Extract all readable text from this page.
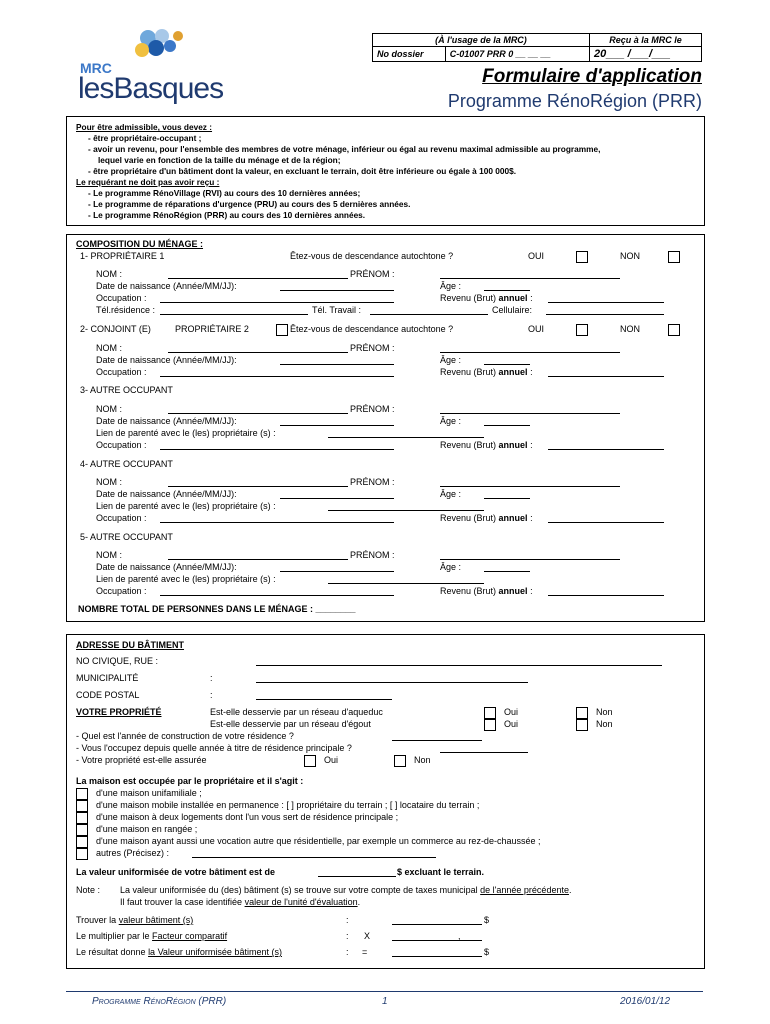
MRC
lesBasques
(À l'usage de la MRC)		Reçu à la MRC le
No dossier	C-01007 PRR 0 __ __ __	20___ /___/___
Formulaire d'application
Programme RénoRégion (PRR)
Pour être admissible, vous devez :
- être propriétaire-occupant ;
- avoir un revenu, pour l'ensemble des membres de votre ménage, inférieur ou égal au revenu maximal admissible au programme,
lequel varie en fonction de la taille du ménage et de la région;
- être propriétaire d'un bâtiment dont la valeur, en excluant le terrain, doit être inférieure ou égale à 100 000$.
Le requérant ne doit pas avoir reçu :
- Le programme RénoVillage (RVI) au cours des 10 dernières années;
- Le programme de réparations d'urgence (PRU) au cours des 5 dernières années.
- Le programme RénoRégion (PRR) au cours des 10 dernières années.
COMPOSITION DU MÉNAGE :
1- PROPRIÉTAIRE 1	Êtez-vous de descendance autochtone ?	OUI	NON
NOM :	PRÉNOM :
Date de naissance (Année/MM/JJ):	Âge :
Occupation :	Revenu (Brut) annuel :
Tél.résidence :	Tél. Travail :	Cellulaire:
2- CONJOINT (E)	PROPRIÉTAIRE 2	Êtez-vous de descendance autochtone ?	OUI	NON
NOM :	PRÉNOM :
Date de naissance (Année/MM/JJ):	Âge :
Occupation :	Revenu (Brut) annuel :
3- AUTRE OCCUPANT
NOM :	PRÉNOM :
Date de naissance (Année/MM/JJ):	Âge :
Lien de parenté avec le (les) propriétaire (s) :
Occupation :	Revenu (Brut) annuel :
4- AUTRE OCCUPANT
NOM :	PRÉNOM :
Date de naissance (Année/MM/JJ):	Âge :
Lien de parenté avec le (les) propriétaire (s) :
Occupation :	Revenu (Brut) annuel :
5- AUTRE OCCUPANT
NOM :	PRÉNOM :
Date de naissance (Année/MM/JJ):	Âge :
Lien de parenté avec le (les) propriétaire (s) :
Occupation :	Revenu (Brut) annuel :
NOMBRE TOTAL DE PERSONNES DANS LE MÉNAGE : ________
ADRESSE DU BÂTIMENT
NO CIVIQUE, RUE :
MUNICIPALITÉ	:
CODE POSTAL	:
VOTRE PROPRIÉTÉ	Est-elle desservie par un réseau d'aqueduc	Oui	Non
Est-elle desservie par un réseau d'égout	Oui	Non
- Quel est l'année de construction de votre résidence ?
- Vous l'occupez depuis quelle année à titre de résidence principale ?
- Votre propriété est-elle assurée	Oui	Non
La maison est occupée par le propriétaire et il s'agit :
d'une maison unifamiliale ;
d'une maison mobile installée en permanence : [ ] propriétaire du terrain ; [ ] locataire du terrain ;
d'une maison à deux logements dont l'un vous sert de résidence principale ;
d'une maison en rangée ;
d'une maison ayant aussi une vocation autre que résidentielle, par exemple un commerce au rez-de-chaussée ;
autres (Précisez) :
La valeur uniformisée de votre bâtiment est de	$ excluant le terrain.
Note : La valeur uniformisée du (des) bâtiment (s) se trouve sur votre compte de taxes municipal de l'année précédente.
Il faut trouver la case identifiée valeur de l'unité d'évaluation.
Trouver la valeur bâtiment (s)	:	$
Le multiplier par le Facteur comparatif	: X	,
Le résultat donne la Valeur uniformisée bâtiment (s)	: =	$
Programme RénoRégion (PRR)	1	2016/01/12
